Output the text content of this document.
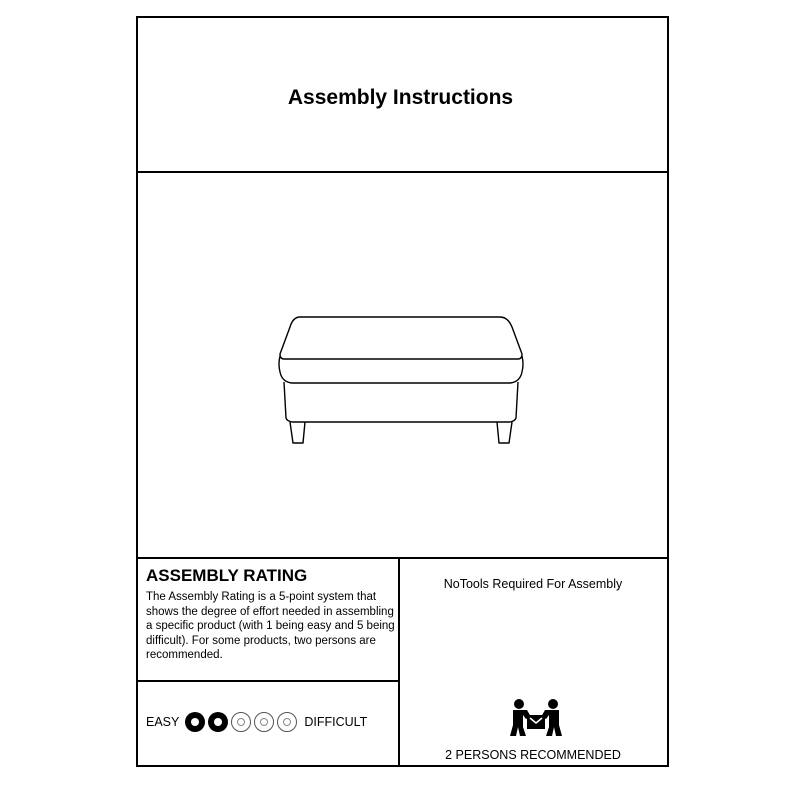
Assembly Instructions
ASSEMBLY RATING
The Assembly Rating is a 5-point system that shows the degree of effort needed in assembling a specific product (with 1 being easy and 5 being difficult). For some products, two persons are recommended.
NoTools Required For Assembly
EASY	DIFFICULT
2 PERSONS RECOMMENDED
